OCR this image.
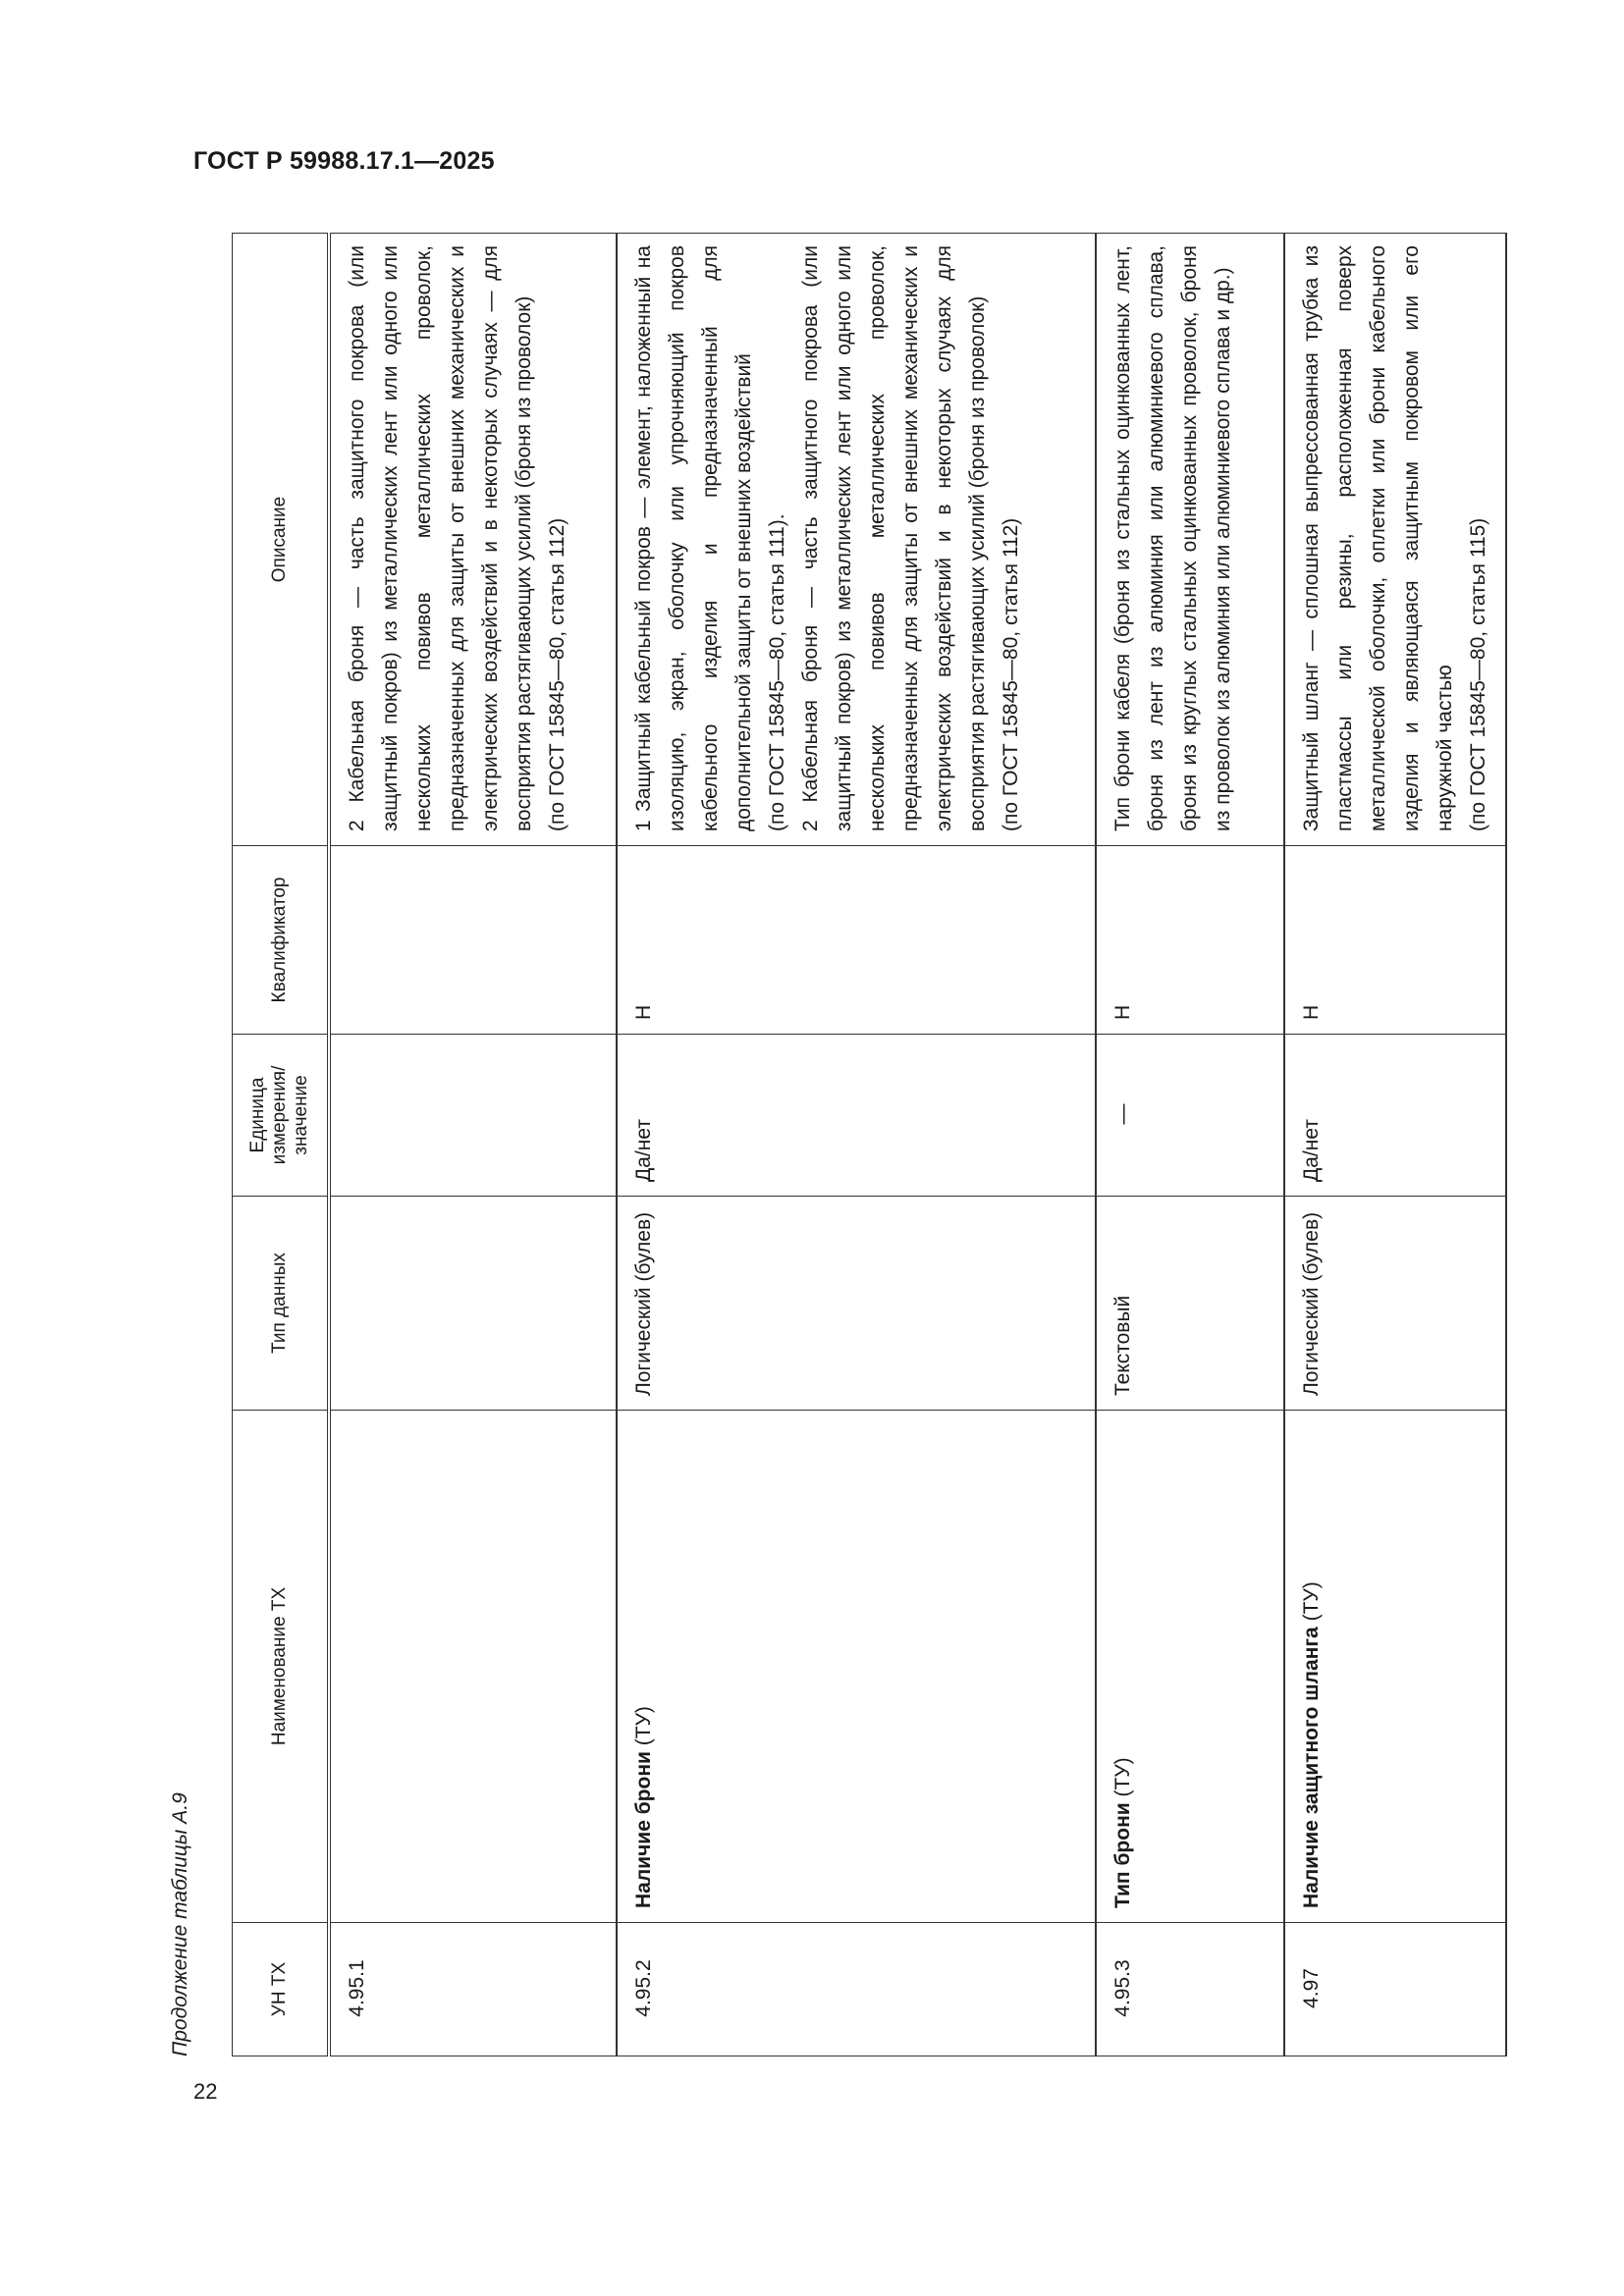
ГОСТ Р 59988.17.1—2025
Продолжение таблицы А.9	УН ТХ	Наименование ТХ	Тип данных	Единица измерения/ значение	Квалификатор	Описание
4.95.1					2 Кабельная броня — часть защитного покрова (или защитный покров) из металлических лент или одного или нескольких повивов металлических проволок, предназначенных для защиты от внешних механических и электрических воздействий и в некоторых случаях — для восприятия растягивающих усилий (броня из проволок) (по ГОСТ 15845—80, статья 112)

4.95.2	Наличие брони (ТУ)	Логический (булев)	Да/нет	Н	1 Защитный кабельный покров — элемент, наложенный на изоляцию, экран, оболочку или упрочняющий покров кабельного изделия и предназначенный для дополнительной защиты от внешних воздействий (по ГОСТ 15845—80, статья 111). 2 Кабельная броня — часть защитного покрова (или защитный покров) из металлических лент или одного или нескольких повивов металлических проволок, предназначенных для защиты от внешних механических и электрических воздействий и в некоторых случаях для восприятия растягивающих усилий (броня из проволок) (по ГОСТ 15845—80, статья 112)

4.95.3	Тип брони (ТУ)	Текстовый	—	Н	Тип брони кабеля (броня из стальных оцинкованных лент, броня из лент из алюминия или алюминиевого сплава, броня из круглых стальных оцинкованных проволок, броня из проволок из алюминия или алюминиевого сплава и др.)

4.97	Наличие защитного шланга (ТУ)	Логический (булев)	Да/нет	Н	Защитный шланг — сплошная выпрессованная трубка из пластмассы или резины, расположенная поверх металлической оболочки, оплетки или брони кабельного изделия и являющаяся защитным покровом или его наружной частью (по ГОСТ 15845—80, статья 115)

22
